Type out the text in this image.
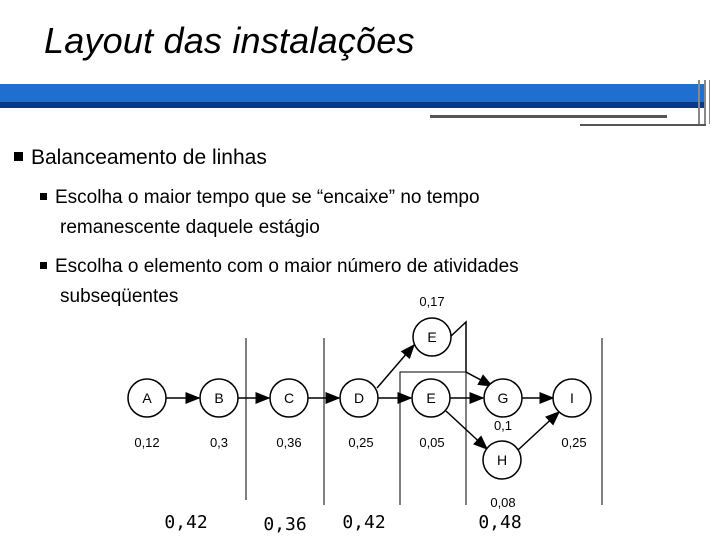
Layout das instalações
Balanceamento de linhas
Escolha o maior tempo que se “encaixe” no tempo
remanescente daquele estágio
Escolha o elemento com o maior número de atividades
subseqüentes
A	B	C	D
E
E	G
H
I
0,12	0,3	0,36	0,25
0,17
0,05
0,1
0,08
0,25
0,42	0,36 0,42	0,48
